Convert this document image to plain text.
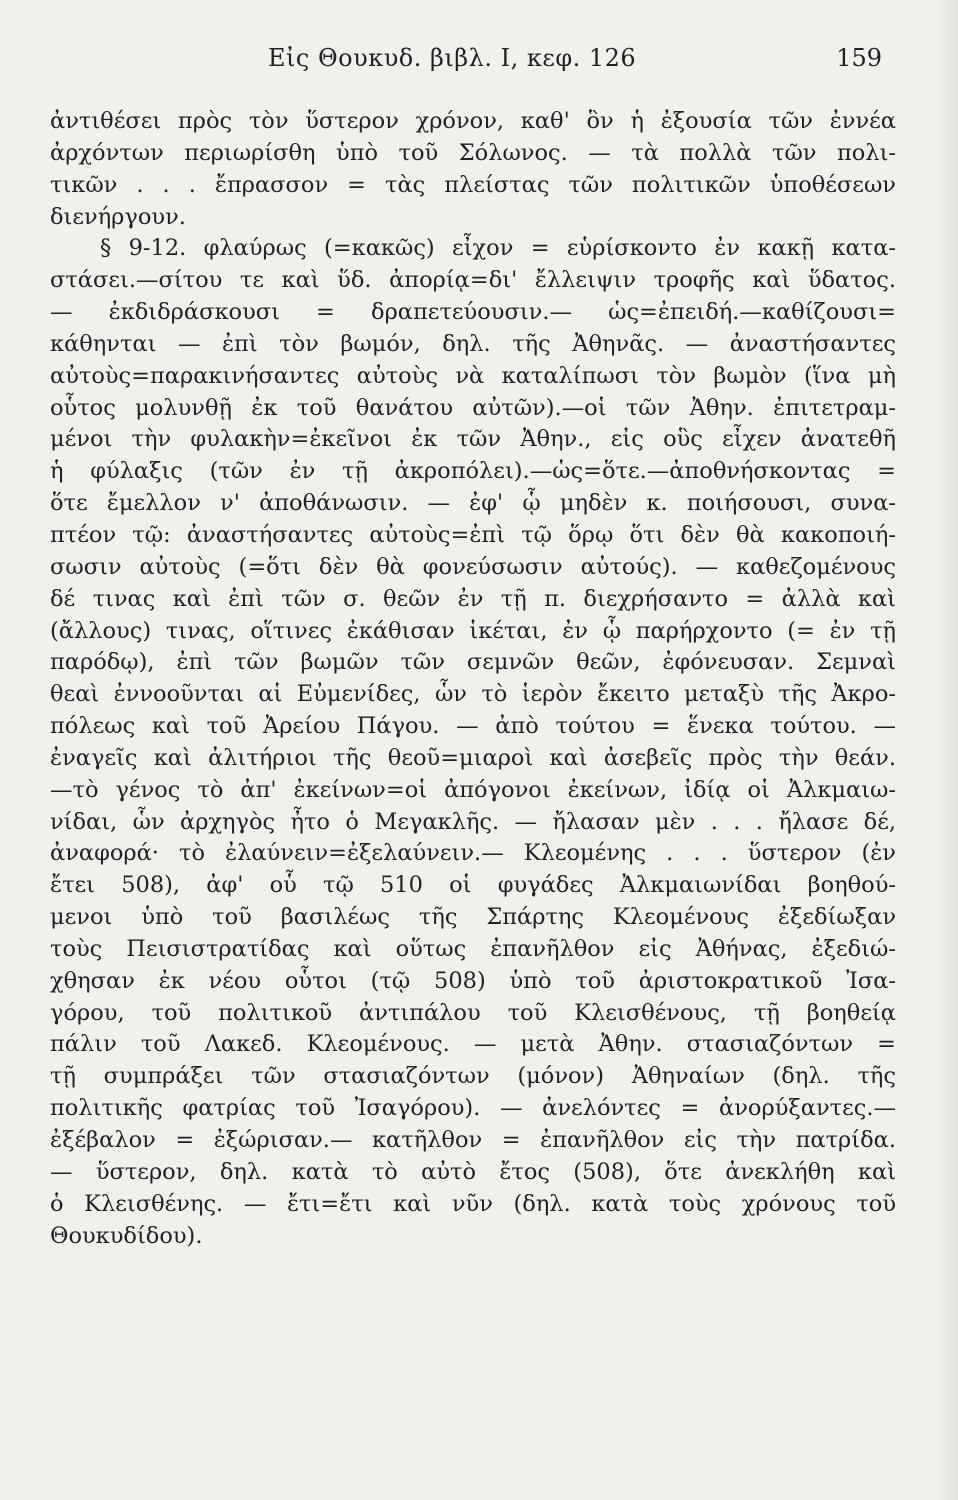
Εἰς Θουκυδ. βιβλ. I, κεφ. 126	159
ἀντιθέσει πρὸς τὸν ὕστερον χρόνον, καθ' ὃν ἡ ἐξουσία τῶν ἐννέα
ἀρχόντων περιωρίσθη ὑπὸ τοῦ Σόλωνος. — τὰ πολλὰ τῶν πολι-
τικῶν . . . ἔπρασσον = τὰς πλείστας τῶν πολιτικῶν ὑποθέσεων
διενήργουν.
§ 9-12. φλαύρως (=κακῶς) εἶχον = εὑρίσκοντο ἐν κακῇ κατα-
στάσει.—σίτου τε καὶ ὕδ. ἀπορίᾳ=δι' ἔλλειψιν τροφῆς καὶ ὕδατος.
— ἐκδιδράσκουσι = δραπετεύουσιν.— ὡς=ἐπειδή.—καθίζουσι=
κάθηνται — ἐπὶ τὸν βωμόν, δηλ. τῆς Ἀθηνᾶς. — ἀναστήσαντες
αὐτοὺς=παρακινήσαντες αὐτοὺς νὰ καταλίπωσι τὸν βωμὸν (ἵνα μὴ
οὗτος μολυνθῇ ἐκ τοῦ θανάτου αὐτῶν).—οἱ τῶν Ἀθην. ἐπιτετραμ-
μένοι τὴν φυλακὴν=ἐκεῖνοι ἐκ τῶν Ἀθην., εἰς οὓς εἶχεν ἀνατεθῆ
ἡ φύλαξις (τῶν ἐν τῇ ἀκροπόλει).—ὡς=ὅτε.—ἀποθνήσκοντας =
ὅτε ἔμελλον ν' ἀποθάνωσιν. — ἐφ' ᾧ μηδὲν κ. ποιήσουσι, συνα-
πτέον τῷ: ἀναστήσαντες αὐτοὺς=ἐπὶ τῷ ὅρῳ ὅτι δὲν θὰ κακοποιή-
σωσιν αὐτοὺς (=ὅτι δὲν θὰ φονεύσωσιν αὐτούς). — καθεζομένους
δέ τινας καὶ ἐπὶ τῶν σ. θεῶν ἐν τῇ π. διεχρήσαντο = ἀλλὰ καὶ
(ἄλλους) τινας, οἵτινες ἐκάθισαν ἱκέται, ἐν ᾧ παρήρχοντο (= ἐν τῇ
παρόδῳ), ἐπὶ τῶν βωμῶν τῶν σεμνῶν θεῶν, ἐφόνευσαν. Σεμναὶ
θεαὶ ἐννοοῦνται αἱ Εὐμενίδες, ὧν τὸ ἱερὸν ἔκειτο μεταξὺ τῆς Ἀκρο-
πόλεως καὶ τοῦ Ἀρείου Πάγου. — ἀπὸ τούτου = ἕνεκα τούτου. —
ἐναγεῖς καὶ ἀλιτήριοι τῆς θεοῦ=μιαροὶ καὶ ἀσεβεῖς πρὸς τὴν θεάν.
—τὸ γένος τὸ ἀπ' ἐκείνων=οἱ ἀπόγονοι ἐκείνων, ἰδίᾳ οἱ Ἀλκμαιω-
νίδαι, ὧν ἀρχηγὸς ἦτο ὁ Μεγακλῆς. — ἤλασαν μὲν . . . ἤλασε δέ,
ἀναφορά· τὸ ἐλαύνειν=ἐξελαύνειν.— Κλεομένης . . . ὕστερον (ἐν
ἔτει 508), ἀφ' οὗ τῷ 510 οἱ φυγάδες Ἀλκμαιωνίδαι βοηθού-
μενοι ὑπὸ τοῦ βασιλέως τῆς Σπάρτης Κλεομένους ἐξεδίωξαν
τοὺς Πεισιστρατίδας καὶ οὕτως ἐπανῆλθον εἰς Ἀθήνας, ἐξεδιώ-
χθησαν ἐκ νέου οὗτοι (τῷ 508) ὑπὸ τοῦ ἀριστοκρατικοῦ Ἰσα-
γόρου, τοῦ πολιτικοῦ ἀντιπάλου τοῦ Κλεισθένους, τῇ βοηθείᾳ
πάλιν τοῦ Λακεδ. Κλεομένους. — μετὰ Ἀθην. στασιαζόντων =
τῇ συμπράξει τῶν στασιαζόντων (μόνον) Ἀθηναίων (δηλ. τῆς
πολιτικῆς φατρίας τοῦ Ἰσαγόρου). — ἀνελόντες = ἀνορύξαντες.—
ἐξέβαλον = ἐξώρισαν.— κατῆλθον = ἐπανῆλθον εἰς τὴν πατρίδα.
— ὕστερον, δηλ. κατὰ τὸ αὐτὸ ἔτος (508), ὅτε ἀνεκλήθη καὶ
ὁ Κλεισθένης. — ἔτι=ἔτι καὶ νῦν (δηλ. κατὰ τοὺς χρόνους τοῦ
Θουκυδίδου).
